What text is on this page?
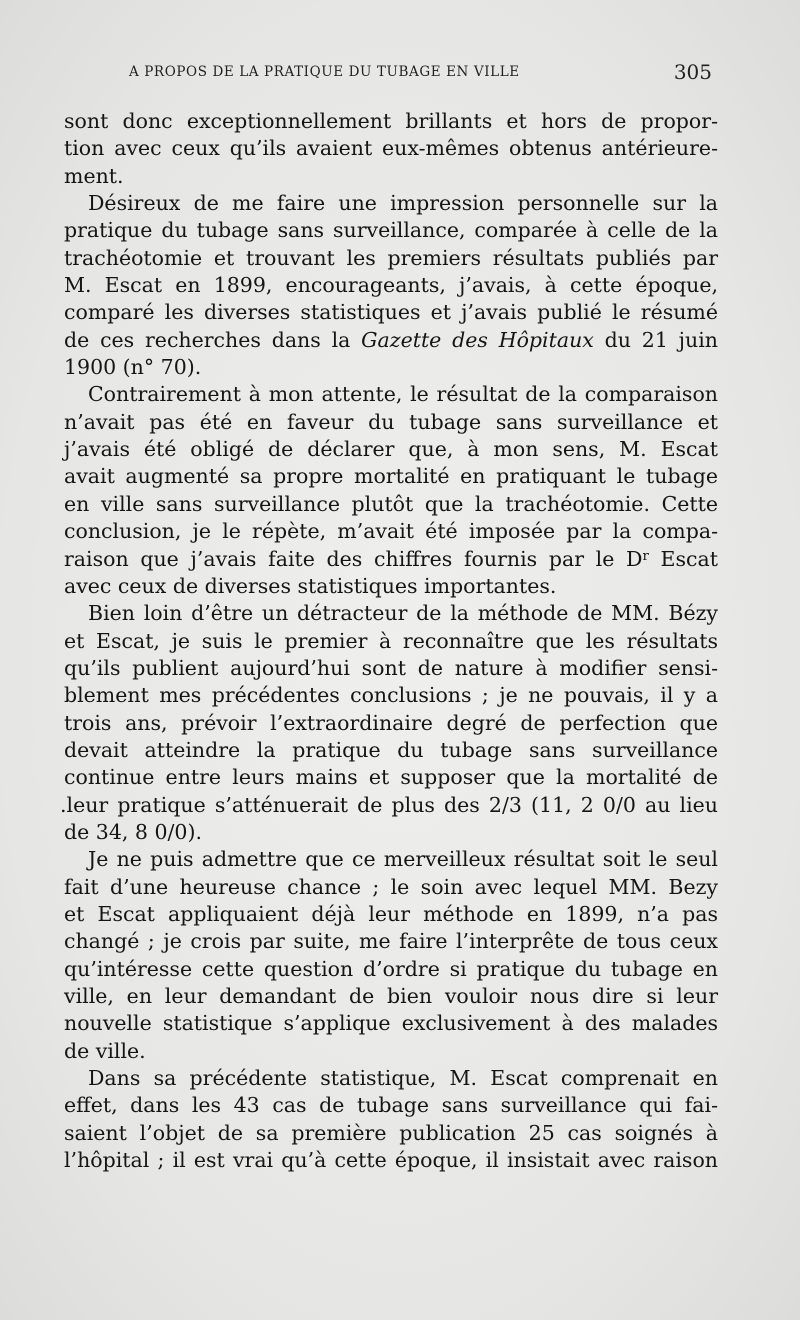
A PROPOS DE LA PRATIQUE DU TUBAGE EN VILLE	305

sont donc exceptionnellement brillants et hors de propor-
tion avec ceux qu’ils avaient eux-mêmes obtenus antérieure-
ment.

Désireux de me faire une impression personnelle sur la
pratique du tubage sans surveillance, comparée à celle de la
trachéotomie et trouvant les premiers résultats publiés par
M. Escat en 1899, encourageants, j’avais, à cette époque,
comparé les diverses statistiques et j’avais publié le résumé
de ces recherches dans la Gazette des Hôpitaux du 21 juin
1900 (n° 70).

Contrairement à mon attente, le résultat de la comparaison
n’avait pas été en faveur du tubage sans surveillance et
j’avais été obligé de déclarer que, à mon sens, M. Escat
avait augmenté sa propre mortalité en pratiquant le tubage
en ville sans surveillance plutôt que la trachéotomie. Cette
conclusion, je le répète, m’avait été imposée par la compa-
raison que j’avais faite des chiffres fournis par le $D^r$ Escat
avec ceux de diverses statistiques importantes.

Bien loin d’être un détracteur de la méthode de MM. Bézy
et Escat, je suis le premier à reconnaître que les résultats
qu’ils publient aujourd’hui sont de nature à modifier sensi-
blement mes précédentes conclusions ; je ne pouvais, il y a
trois ans, prévoir l’extraordinaire degré de perfection que
devait atteindre la pratique du tubage sans surveillance
continue entre leurs mains et supposer que la mortalité de
.leur pratique s’atténuerait de plus des 2/3 (11, 2 0/0 au lieu
de 34, 8 0/0).

Je ne puis admettre que ce merveilleux résultat soit le seul
fait d’une heureuse chance ; le soin avec lequel MM. Bezy
et Escat appliquaient déjà leur méthode en 1899, n’a pas
changé ; je crois par suite, me faire l’interprête de tous ceux
qu’intéresse cette question d’ordre si pratique du tubage en
ville, en leur demandant de bien vouloir nous dire si leur
nouvelle statistique s’applique exclusivement à des malades
de ville.

Dans sa précédente statistique, M. Escat comprenait en
effet, dans les 43 cas de tubage sans surveillance qui fai-
saient l’objet de sa première publication 25 cas soignés à
l’hôpital ; il est vrai qu’à cette époque, il insistait avec raison
